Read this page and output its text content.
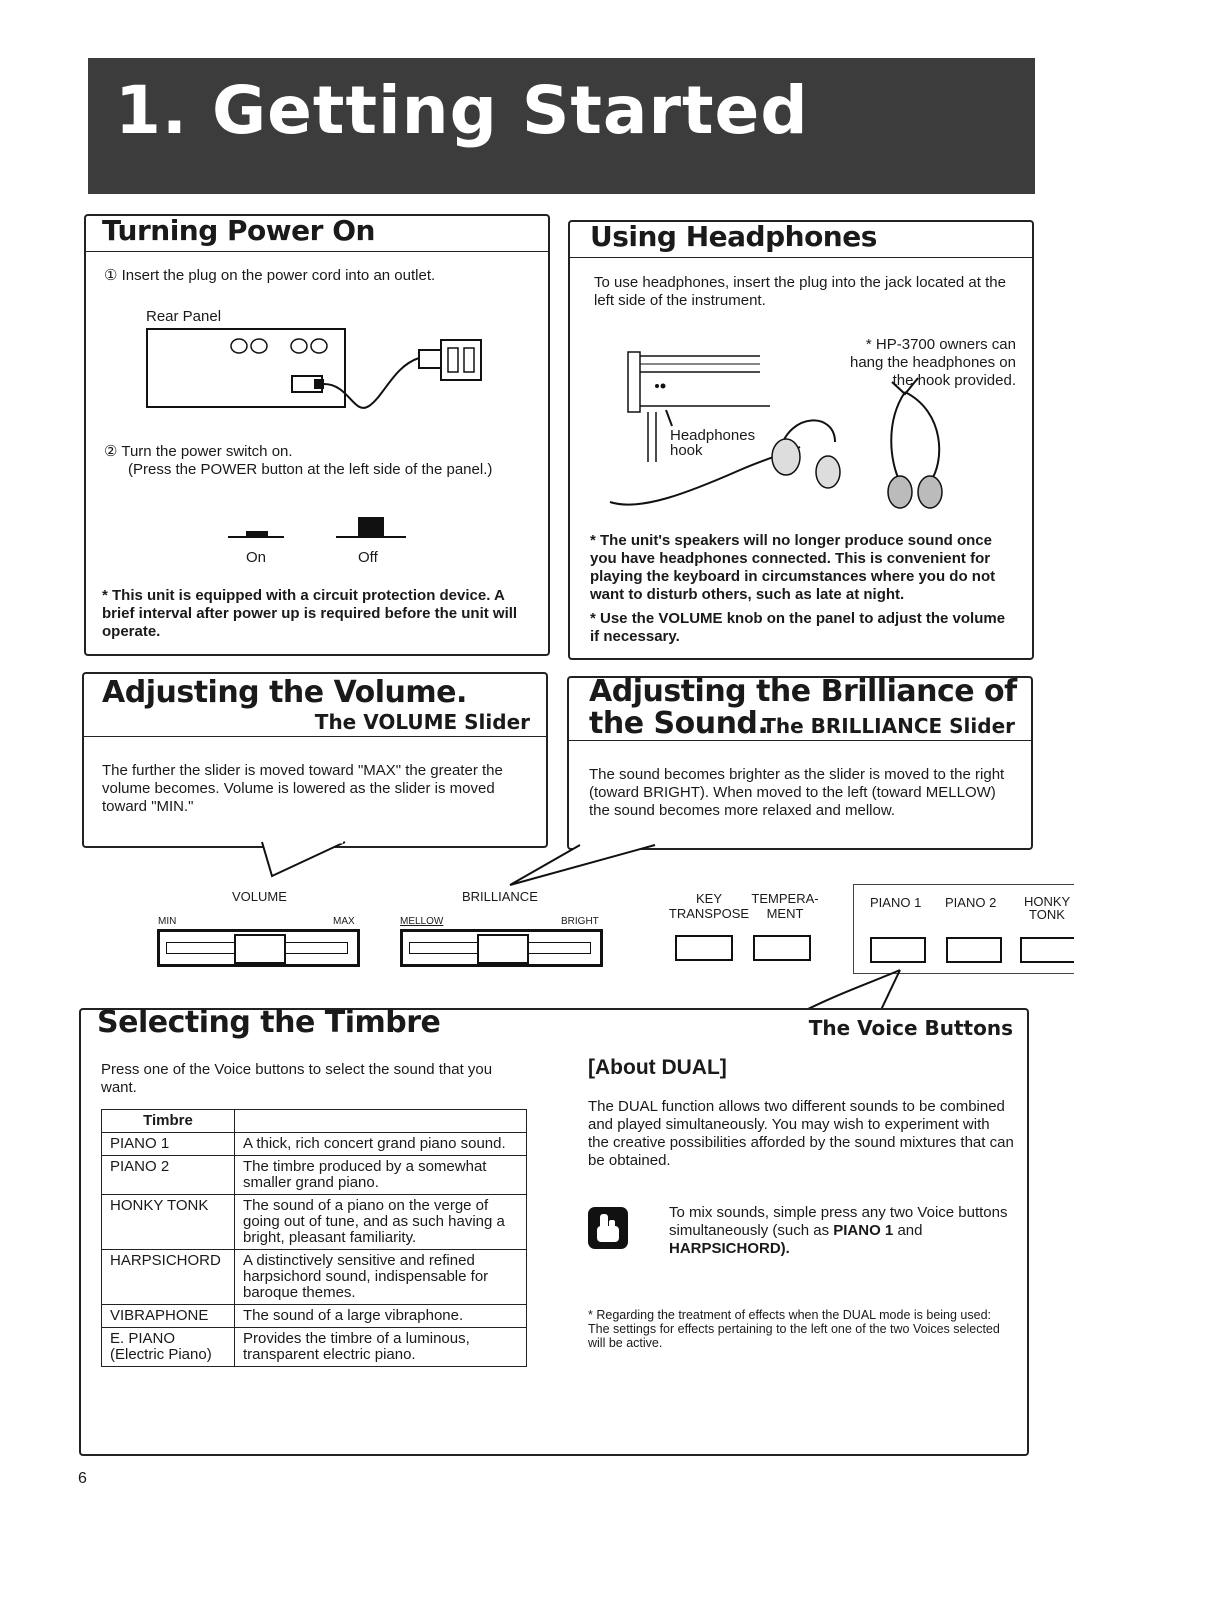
1. Getting Started
Turning Power On
① Insert the plug on the power cord into an outlet.
Rear Panel
② Turn the power switch on.
(Press the POWER button at the left side of the panel.)
On	Off
* This unit is equipped with a circuit protection device. A brief interval after power up is required before the unit will operate.
Using Headphones
To use headphones, insert the plug into the jack located at the left side of the instrument.
* HP-3700 owners can hang the headphones on the hook provided.
Headphones hook
* The unit's speakers will no longer produce sound once you have headphones connected. This is convenient for playing the keyboard in circumstances where you do not want to disturb others, such as late at night.
* Use the VOLUME knob on the panel to adjust the volume if necessary.
Adjusting the Volume.
The VOLUME Slider
The further the slider is moved toward "MAX" the greater the volume becomes. Volume is lowered as the slider is moved toward "MIN."
Adjusting the Brilliance of
the Sound.
The BRILLIANCE Slider
The sound becomes brighter as the slider is moved to the right (toward BRIGHT). When moved to the left (toward MELLOW) the sound becomes more relaxed and mellow.
VOLUME
MIN	MAX
BRILLIANCE
MELLOW	BRIGHT
KEY TRANSPOSE
TEMPERA- MENT
PIANO 1 PIANO 2 HONKY TONK
Selecting the Timbre	The Voice Buttons
Press one of the Voice buttons to select the sound that you want.
Timbre	
PIANO 1	A thick, rich concert grand piano sound.
PIANO 2	The timbre produced by a somewhat smaller grand piano.
HONKY TONK	The sound of a piano on the verge of going out of tune, and as such having a bright, pleasant familiarity.
HARPSICHORD	A distinctively sensitive and refined harpsichord sound, indispensable for baroque themes.
VIBRAPHONE	The sound of a large vibraphone.
E. PIANO (Electric Piano)	Provides the timbre of a luminous, transparent electric piano.
[About DUAL]
The DUAL function allows two different sounds to be combined and played simultaneously. You may wish to experiment with the creative possibilities afforded by the sound mixtures that can be obtained.
To mix sounds, simple press any two Voice buttons simultaneously (such as PIANO 1 and HARPSICHORD).
* Regarding the treatment of effects when the DUAL mode is being used: The settings for effects pertaining to the left one of the two Voices selected will be active.
6
